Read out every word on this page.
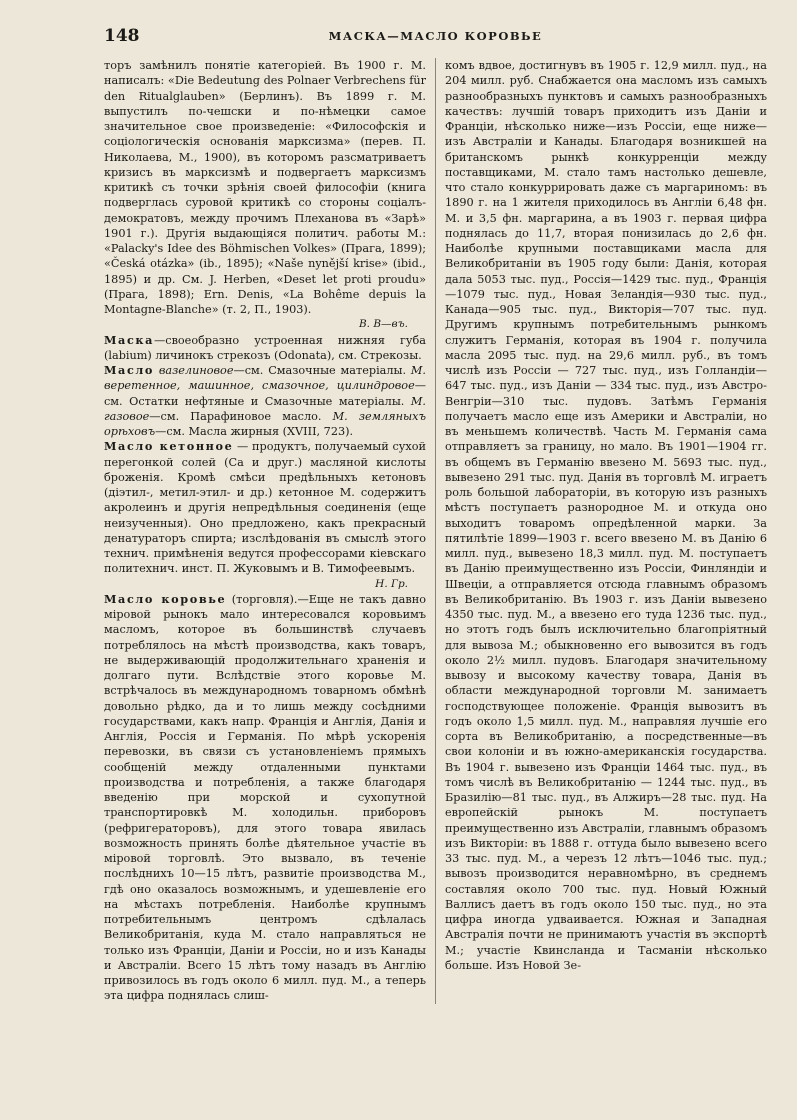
148	МАСКА—МАСЛО КОРОВЬЕ

торъ замѣнилъ понятіе категоріей. Въ 1900 г. М. написалъ: «Die Bedeutung des Polnaer Verbrechens für den Ritualglauben» (Берлинъ). Въ 1899 г. М. выпустилъ по-чешски и по-нѣмецки самое значительное свое произведеніе: «Философскія и соціологическія основанія марксизма» (перев. П. Николаева, М., 1900), въ которомъ разсматриваетъ кризисъ въ марксизмѣ и подвергаетъ марксизмъ критикѣ съ точки зрѣнія своей философіи (книга подверглась суровой критикѣ со стороны соціалъ-демократовъ, между прочимъ Плеханова въ «Зарѣ» 1901 г.). Другія выдающіяся политич. работы М.: «Palacky's Idee des Böhmischen Volkes» (Прага, 1899); «Česká otázka» (ib., 1895); «Naše nynější krise» (ibid., 1895) и др. См. J. Herben, «Deset let proti proudu» (Прага, 1898); Ern. Denis, «La Bohême depuis la Montagne-Blanche» (т. 2, П., 1903).

В. В—въ.

Маска—своеобразно устроенная нижняя губа (labium) личинокъ стрекозъ (Odonata), см. Стрекозы.

Масло вазелиновое—см. Смазочные матеріалы. М. веретенное, машинное, смазочное, цилиндровое—см. Остатки нефтяные и Смазочные матеріалы. М. газовое—см. Парафиновое масло. М. земляныхъ орѣховъ—см. Масла жирныя (XVIII, 723).

Масло кетонное — продуктъ, получаемый сухой перегонкой солей (Ca и друг.) масляной кислоты броженія. Кромѣ смѣси предѣльныхъ кетоновъ (діэтил-, метил-этил- и др.) кетонное М. содержитъ акролеинъ и другія непредѣльныя соединенія (еще неизученныя). Оно предложено, какъ прекрасный денатураторъ спирта; изслѣдованія въ смыслѣ этого технич. примѣненія ведутся профессорами кіевскаго политехнич. инст. П. Жуковымъ и В. Тимофеевымъ.
Н. Гр.

Масло коровье (торговля).—Еще не такъ давно міровой рынокъ мало интересовался коровьимъ масломъ, которое въ большинствѣ случаевъ потреблялось на мѣстѣ производства, какъ товаръ, не выдерживающій продолжительнаго храненія и долгаго пути. Вслѣдствіе этого коровье М. встрѣчалось въ международномъ товарномъ обмѣнѣ довольно рѣдко, да и то лишь между сосѣдними государствами, какъ напр. Франція и Англія, Данія и Англія, Россія и Германія. По мѣрѣ ускоренія перевозки, въ связи съ установленіемъ прямыхъ сообщеній между отдаленными пунктами производства и потребленія, а также благодаря введенію при морской и сухопутной транспортировкѣ М. холодильн. приборовъ (рефригераторовъ), для этого товара явилась возможность принять болѣе дѣятельное участіе въ міровой торговлѣ. Это вызвало, въ теченіе послѣднихъ 10—15 лѣтъ, развитіе производства М., гдѣ оно оказалось возможнымъ, и удешевленіе его на мѣстахъ потребленія. Наиболѣе крупнымъ потребительнымъ центромъ сдѣлалась Великобританія, куда М. стало направляться не только изъ Франціи, Даніи и Россіи, но и изъ Канады и Австраліи. Всего 15 лѣтъ тому назадъ въ Англію привозилось въ годъ около 6 милл. пуд. М., а теперь эта цифра поднялась слиш-

комъ вдвое, достигнувъ въ 1905 г. 12,9 милл. пуд., на 204 милл. руб. Снабжается она масломъ изъ самыхъ разнообразныхъ пунктовъ и самыхъ разнообразныхъ качествъ: лучшій товаръ приходитъ изъ Даніи и Франціи, нѣсколько ниже—изъ Россіи, еще ниже—изъ Австраліи и Канады. Благодаря возникшей на британскомъ рынкѣ конкурренціи между поставщиками, М. стало тамъ настолько дешевле, что стало конкуррировать даже съ маргариномъ: въ 1890 г. на 1 жителя приходилось въ Англіи 6,48 фн. М. и 3,5 фн. маргарина, а въ 1903 г. первая цифра поднялась до 11,7, вторая понизилась до 2,6 фн. Наиболѣе крупными поставщиками масла для Великобританіи въ 1905 году были: Данія, которая дала 5053 тыс. пуд., Россія—1429 тыс. пуд., Франція—1079 тыс. пуд., Новая Зеландія—930 тыс. пуд., Канада—905 тыс. пуд., Викторія—707 тыс. пуд. Другимъ крупнымъ потребительнымъ рынкомъ служитъ Германія, которая въ 1904 г. получила масла 2095 тыс. пуд. на 29,6 милл. руб., въ томъ числѣ изъ Россіи — 727 тыс. пуд., изъ Голландіи—647 тыс. пуд., изъ Даніи — 334 тыс. пуд., изъ Австро-Венгріи—310 тыс. пудовъ. Затѣмъ Германія получаетъ масло еще изъ Америки и Австраліи, но въ меньшемъ количествѣ. Часть М. Германія сама отправляетъ за границу, но мало. Въ 1901—1904 гг. въ общемъ въ Германію ввезено М. 5693 тыс. пуд., вывезено 291 тыс. пуд. Данія въ торговлѣ М. играетъ роль большой лабораторіи, въ которую изъ разныхъ мѣстъ поступаетъ разнородное М. и откуда оно выходитъ товаромъ опредѣленной марки. За пятилѣтіе 1899—1903 г. всего ввезено М. въ Данію 6 милл. пуд., вывезено 18,3 милл. пуд. М. поступаетъ въ Данію преимущественно изъ Россіи, Финляндіи и Швеціи, а отправляется отсюда главнымъ образомъ въ Великобританію. Въ 1903 г. изъ Даніи вывезено 4350 тыс. пуд. М., а ввезено его туда 1236 тыс. пуд., но этотъ годъ былъ исключительно благопріятный для вывоза М.; обыкновенно его вывозится въ годъ около 2½ милл. пудовъ. Благодаря значительному вывозу и высокому качеству товара, Данія въ области международной торговли М. занимаетъ господствующее положеніе. Франція вывозитъ въ годъ около 1,5 милл. пуд. М., направляя лучшіе его сорта въ Великобританію, а посредственные—въ свои колоніи и въ южно-американскія государства. Въ 1904 г. вывезено изъ Франціи 1464 тыс. пуд., въ томъ числѣ въ Великобританію — 1244 тыс. пуд., въ Бразилію—81 тыс. пуд., въ Алжиръ—28 тыс. пуд. На европейскій рынокъ М. поступаетъ преимущественно изъ Австраліи, главнымъ образомъ изъ Викторіи: въ 1888 г. оттуда было вывезено всего 33 тыс. пуд. М., а черезъ 12 лѣтъ—1046 тыс. пуд.; вывозъ производится неравномѣрно, въ среднемъ составляя около 700 тыс. пуд. Новый Южный Валлисъ даетъ въ годъ около 150 тыс. пуд., но эта цифра иногда удваивается. Южная и Западная Австралія почти не принимаютъ участія въ экспортѣ М.; участіе Квинсланда и Тасманіи нѣсколько больше. Изъ Новой Зе-
